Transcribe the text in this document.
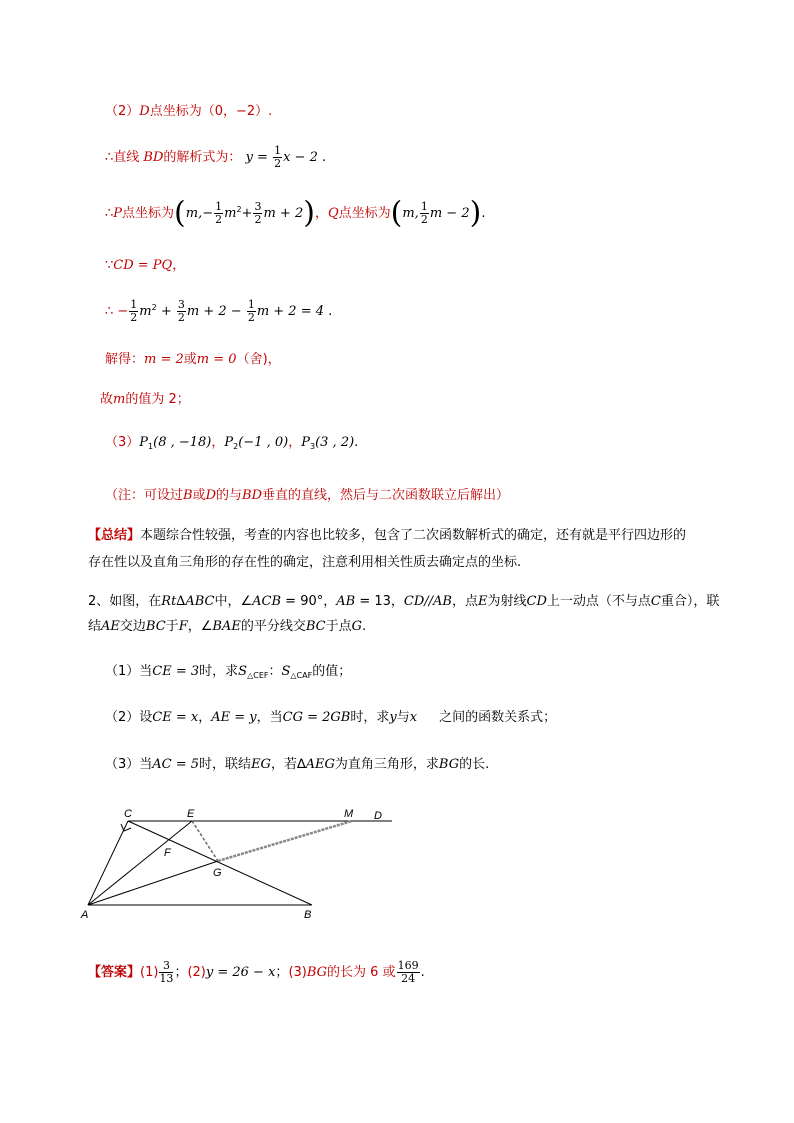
（2）D点坐标为（0，−2）.
∴直线 BD的解析式为： $y = \frac{1}{2}$ x − 2 .
∴P点坐标为($m,- \frac{1}{2} m^2+ \frac{3}{2}$ m + 2)，Q点坐标为(m, $\frac{1}{2}$ m − 2).
∵CD = PQ，
∴ − $\frac{1}{2} m^2 + \frac{3}{2}$ $m + 2 - \frac{1}{2}$ m + 2 = 4 .
解得：m = 2或m = 0（舍)，
故m的值为 2；
$(3)P_1(8$ , −18)，$P_2(-1$ , 0)，$P_3(3$ , 2).
（注：可设过B或D的与BD垂直的直线，然后与二次函数联立后解出）
【总结】本题综合性较强，考查的内容也比较多，包含了二次函数解析式的确定，还有就是平行四边形的
存在性以及直角三角形的存在性的确定，注意利用相关性质去确定点的坐标.
2、如图，在Rt∆ABC中，∠ACB = 90°，AB = 13，CD//AB，点E为射线CD上一动点（不与点C重合），联
结AE交边BC于F，∠BAE的平分线交BC于点G.
（1）当CE = 3时，求$S_{\triangle CEF}$：$S_{\triangle CAF}$的值；
（2）设CE = x，AE = y，当CG = 2GB时，求y与x 之间的函数关系式；
（3）当AC = 5时，联结EG，若∆AEG为直角三角形，求BG的长.
C	E	M D
F
G
A	B
【答案】$(1) \frac{3}{13}$ ；(2)y = 26 − x；(3)BG的长为 6 或 $\frac{169}{24}$ .
